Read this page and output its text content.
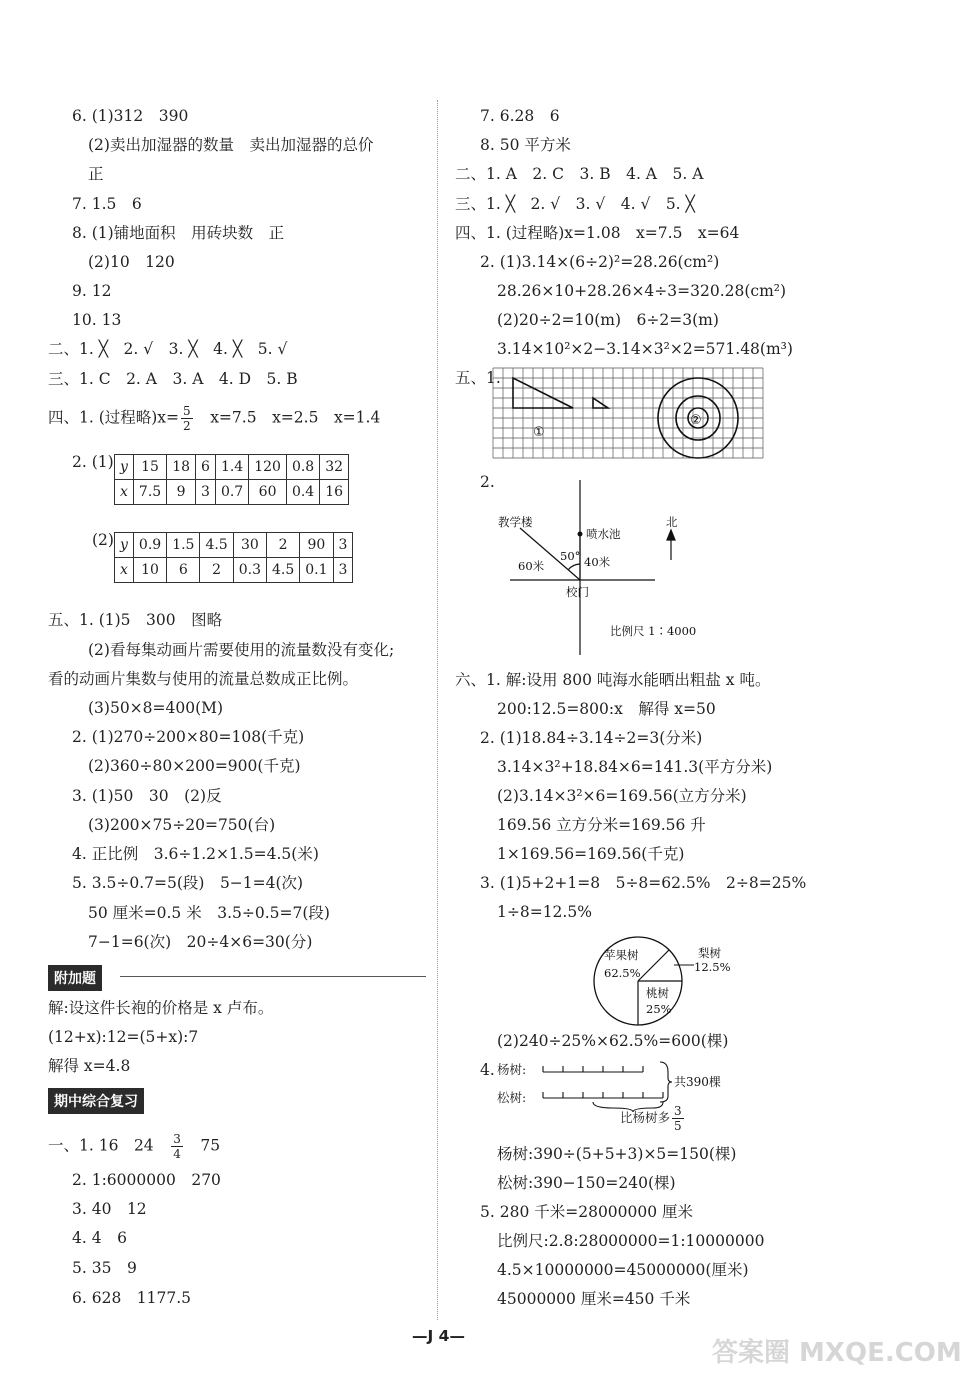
6. (1)312　390
(2)卖出加湿器的数量　卖出加湿器的总价
正
7. 1.5　6
8. (1)铺地面积　用砖块数　正
(2)10　120
9. 12
10. 13
二、1. ╳　2. √　3. ╳　4. ╳　5. √
三、1. C　2. A　3. A　4. D　5. B
四、1. (过程略)$x= \frac{5}{2}$ 　x=7.5　x=2.5　x=1.4
2. (1) y	15	18	6	1.4	120	0.8	32
x	7.5	9	3	0.7	60	0.4	16
(2) y	0.9	1.5	4.5	30	2	90	3
x	10	6	2	0.3	4.5	0.1	3
五、1. (1)5　300　图略
(2)看每集动画片需要使用的流量数没有变化;
看的动画片集数与使用的流量总数成正比例。
(3)50×8=400(M)
2. (1)270÷200×80=108(千克)
(2)360÷80×200=900(千克)
3. (1)50　30　(2)反
(3)200×75÷20=750(台)
4. 正比例　3.6÷1.2×1.5=4.5(米)
5. 3.5÷0.7=5(段)　5−1=4(次)
50 厘米=0.5 米　3.5÷0.5=7(段)
7−1=6(次)　20÷4×6=30(分)
附加题
解:设这件长袍的价格是 x 卢布。
(12+x):12=(5+x):7
解得 x=4.8
期中综合复习
一、1. 16　24　 $\frac{3}{4}$
　 75
2. 1:6000000　270
3. 40　12
4. 4　6
5. 35　9
6. 628　1177.5
7. 6.28　6
8. 50 平方米
二、1. A　2. C　3. B　4. A　5. A
三、1. ╳　2. √　3. √　4. √　5. ╳
四、1. (过程略)x=1.08　x=7.5　x=64
2. (1)3.14×(6÷2)²=28.26(cm²)
28.26×10+28.26×4÷3=320.28(cm²)
(2)20÷2=10(m)　6÷2=3(m)
3.14×10²×2−3.14×3²×2=571.48(m³)
五、1.
①
②
2.
教学楼
喷水池
北
50° 40米
60米
校门
比例尺 1∶4000
六、1. 解:设用 800 吨海水能晒出粗盐 x 吨。
200:12.5=800:x　解得 x=50
2. (1)18.84÷3.14÷2=3(分米)
3.14×3²+18.84×6=141.3(平方分米)
(2)3.14×3²×6=169.56(立方分米)
169.56 立方分米=169.56 升
1×169.56=169.56(千克)
3. (1)5+2+1=8　5÷8=62.5%　2÷8=25%
1÷8=12.5%
苹果树
62.5%
梨树
12.5%
桃树
25%
(2)240÷25%×62.5%=600(棵)
4. 杨树:
松树:
共390棵
比杨树多 $\frac{3}{5}$
杨树:390÷(5+5+3)×5=150(棵)
松树:390−150=240(棵)
5. 280 千米=28000000 厘米
比例尺:2.8:28000000=1:10000000
4.5×10000000=45000000(厘米)
45000000 厘米=450 千米
—J 4—
答案圈 MXQE.COM
